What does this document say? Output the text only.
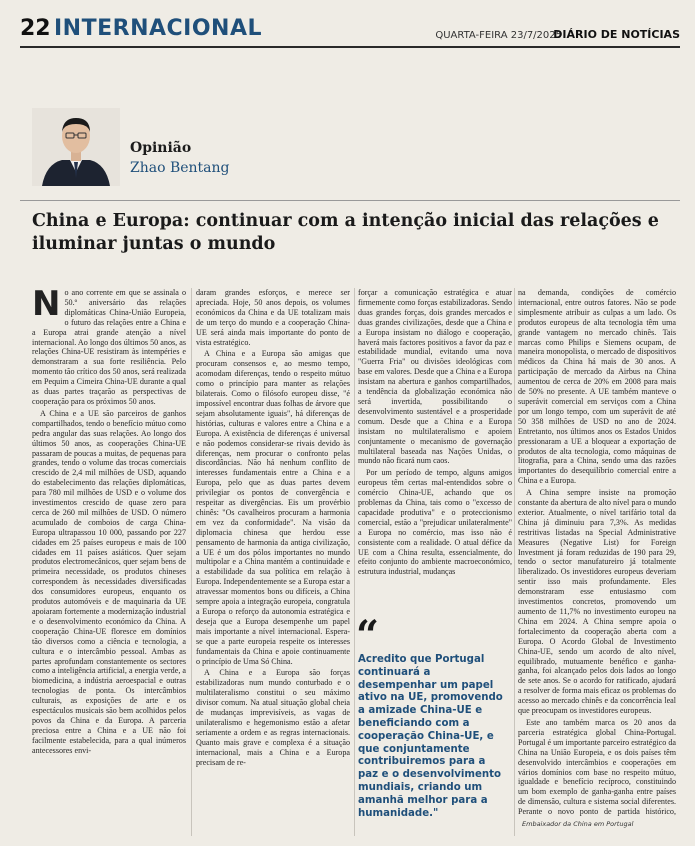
22 INTERNACIONAL	QUARTA-FEIRA 23/7/2025
DIÁRIO DE NOTÍCIAS
Opinião
Zhao Bentang
China e Europa: continuar com a intenção inicial das relações e iluminar juntas o mundo

No ano corrente em que se assinala o 50.º aniversário das relações diplomáticas China-União Europeia, o futuro das relações entre a China e a Europa atrai grande atenção a nível internacional. Ao longo dos últimos 50 anos, as relações China-UE resistiram às intempéries e demonstraram a sua forte resiliência. Pelo momento tão crítico dos 50 anos, será realizada em Pequim a Cimeira China-UE durante a qual as duas partes traçarão as perspectivas de cooperação para os próximos 50 anos.

A China e a UE são parceiros de ganhos compartilhados, tendo o benefício mútuo como pedra angular das suas relações. Ao longo dos últimos 50 anos, as cooperações China-UE passaram de poucas a muitas, de pequenas para grandes, tendo o volume das trocas comerciais crescido de 2,4 mil milhões de USD, aquando do estabelecimento das relações diplomáticas, para 780 mil milhões de USD e o volume dos investimentos crescido de quase zero para cerca de 260 mil milhões de USD. O número acumulado de comboios de carga China-Europa ultrapassou 10 000, passando por 227 cidades em 25 países europeus e mais de 100 cidades em 11 países asiáticos. Quer sejam produtos electromecânicos, quer sejam bens de primeira necessidade, os produtos chineses correspondem às necessidades diversificadas dos consumidores europeus, enquanto os produtos automóveis e de maquinaria da UE apoiaram fortemente a modernização industrial e o desenvolvimento económico da China. A cooperação China-UE floresce em domínios tão diversos como a ciência e tecnologia, a cultura e o intercâmbio pessoal. Ambas as partes aprofundam constantemente os sectores como a inteligência artificial, a energia verde, a biomedicina, a indústria aeroespacial e outras tecnologias de ponta. Os intercâmbios culturais, as exposições de arte e os espectáculos musicais são bem acolhidos pelos povos da China e da Europa. A parceria preciosa entre a China e a UE não foi facilmente estabelecida, para a qual inúmeros antecessores envi-

daram grandes esforços, e merece ser apreciada. Hoje, 50 anos depois, os volumes económicos da China e da UE totalizam mais de um terço do mundo e a cooperação China-UE será ainda mais importante do ponto de vista estratégico.

A China e a Europa são amigas que procuram consensos e, ao mesmo tempo, acomodam diferenças, tendo o respeito mútuo como o princípio para manter as relações bilaterais. Como o filósofo europeu disse, "é impossível encontrar duas folhas de árvore que sejam absolutamente iguais", há diferenças de histórias, culturas e valores entre a China e a Europa. A existência de diferenças é universal e não podemos considerar-se rivais devido às diferenças, nem procurar o confronto pelas discordâncias. Não há nenhum conflito de interesses fundamentais entre a China e a Europa, pelo que as duas partes devem privilegiar os pontos de convergência e respeitar as divergências. Eis um provérbio chinês: "Os cavalheiros procuram a harmonia em vez da conformidade". Na visão da diplomacia chinesa que herdou esse pensamento de harmonia da antiga civilização, a UE é um dos pólos importantes no mundo multipolar e a China mantém a continuidade e a estabilidade da sua política em relação à Europa. Independentemente se a Europa estar a atravessar momentos bons ou difíceis, a China sempre apoia a integração europeia, congratula a Europa o reforço da autonomia estratégica e deseja que a Europa desempenhe um papel mais importante a nível internacional. Espera-se que a parte europeia respeite os interesses fundamentais da China e apoie continuamente o princípio de Uma Só China.

A China e a Europa são forças estabilizadoras num mundo conturbado e o multilateralismo constitui o seu máximo divisor comum. Na atual situação global cheia de mudanças imprevisíveis, as vagas de unilateralismo e hegemonismo estão a afetar seriamente a ordem e as regras internacionais. Quanto mais grave e complexa é a situação internacional, mais a China e a Europa precisam de re-

forçar a comunicação estratégica e atuar firmemente como forças estabilizadoras. Sendo duas grandes forças, dois grandes mercados e duas grandes civilizações, desde que a China e a Europa insistam no diálogo e cooperação, haverá mais factores positivos a favor da paz e estabilidade mundial, evitando uma nova "Guerra Fria" ou divisões ideológicas com base em valores. Desde que a China e a Europa insistam na abertura e ganhos compartilhados, a tendência da globalização económica não será invertida, possibilitando o desenvolvimento sustentável e a prosperidade comum. Desde que a China e a Europa insistam no multilateralismo e apoiem conjuntamente o mecanismo de governação multilateral baseada nas Nações Unidas, o mundo não ficará num caos.

Por um período de tempo, alguns amigos europeus têm certas mal-entendidos sobre o comércio China-UE, achando que os problemas da China, tais como o "excesso de capacidade produtiva" e o proteccionismo comercial, estão a "prejudicar unilateralmente" a Europa no comércio, mas isso não é consistente com a realidade. O atual défice da UE com a China resulta, essencialmente, do efeito conjunto do ambiente macroeconómico, estrutura industrial, mudanças

“
Acredito que Portugal continuará a desempenhar um papel ativo na UE, promovendo a amizade China-UE e beneficiando com a cooperação China-UE, e que conjuntamente contribuiremos para a paz e o desenvolvimento mundiais, criando um amanhã melhor para a humanidade."

na demanda, condições de comércio internacional, entre outros fatores. Não se pode simplesmente atribuir as culpas a um lado. Os produtos europeus de alta tecnologia têm uma grande vantagem no mercado chinês. Tais marcas como Philips e Siemens ocupam, de maneira monopolista, o mercado de dispositivos médicos da China há mais de 30 anos. A participação de mercado da Airbus na China aumentou de cerca de 20% em 2008 para mais de 50% no presente. A UE também manteve o superávit comercial em serviços com a China por um longo tempo, com um superávit de até 50 358 milhões de USD no ano de 2024. Entretanto, nos últimos anos os Estados Unidos pressionaram a UE a bloquear a exportação de produtos de alta tecnologia, como máquinas de litografia, para a China, sendo uma das razões importantes do desequilíbrio comercial entre a China e a Europa.

A China sempre insiste na promoção constante da abertura de alto nível para o mundo exterior. Atualmente, o nível tarifário total da China já diminuiu para 7,3%. As medidas restritivas listadas na Special Administrative Measures (Negative List) for Foreign Investment já foram reduzidas de 190 para 29, tendo o sector manufatureiro já totalmente liberalizado. Os investidores europeus deveriam sentir isso mais profundamente. Eles demonstraram esse entusiasmo com investimentos concretos, promovendo um aumento de 11,7% no investimento europeu na China em 2024. A China sempre apoia o fortalecimento da cooperação aberta com a Europa. O Acordo Global de Investimento China-UE, sendo um acordo de alto nível, equilibrado, mutuamente benéfico e ganha-ganha, foi alcançado pelos dois lados ao longo de sete anos. Se o acordo for ratificado, ajudará a resolver de forma mais eficaz os problemas do acesso ao mercado chinês e da concorrência leal que preocupam os investidores europeus.

Este ano também marca os 20 anos da parceria estratégica global China-Portugal. Portugal é um importante parceiro estratégico da China na União Europeia, e os dois países têm desenvolvido intercâmbios e cooperações em vários domínios com base no respeito mútuo, igualdade e benefício recíproco, constituindo um bom exemplo de ganha-ganha entre países de dimensão, cultura e sistema social diferentes. Perante o novo ponto de partida histórico,

Embaixador da China em Portugal
